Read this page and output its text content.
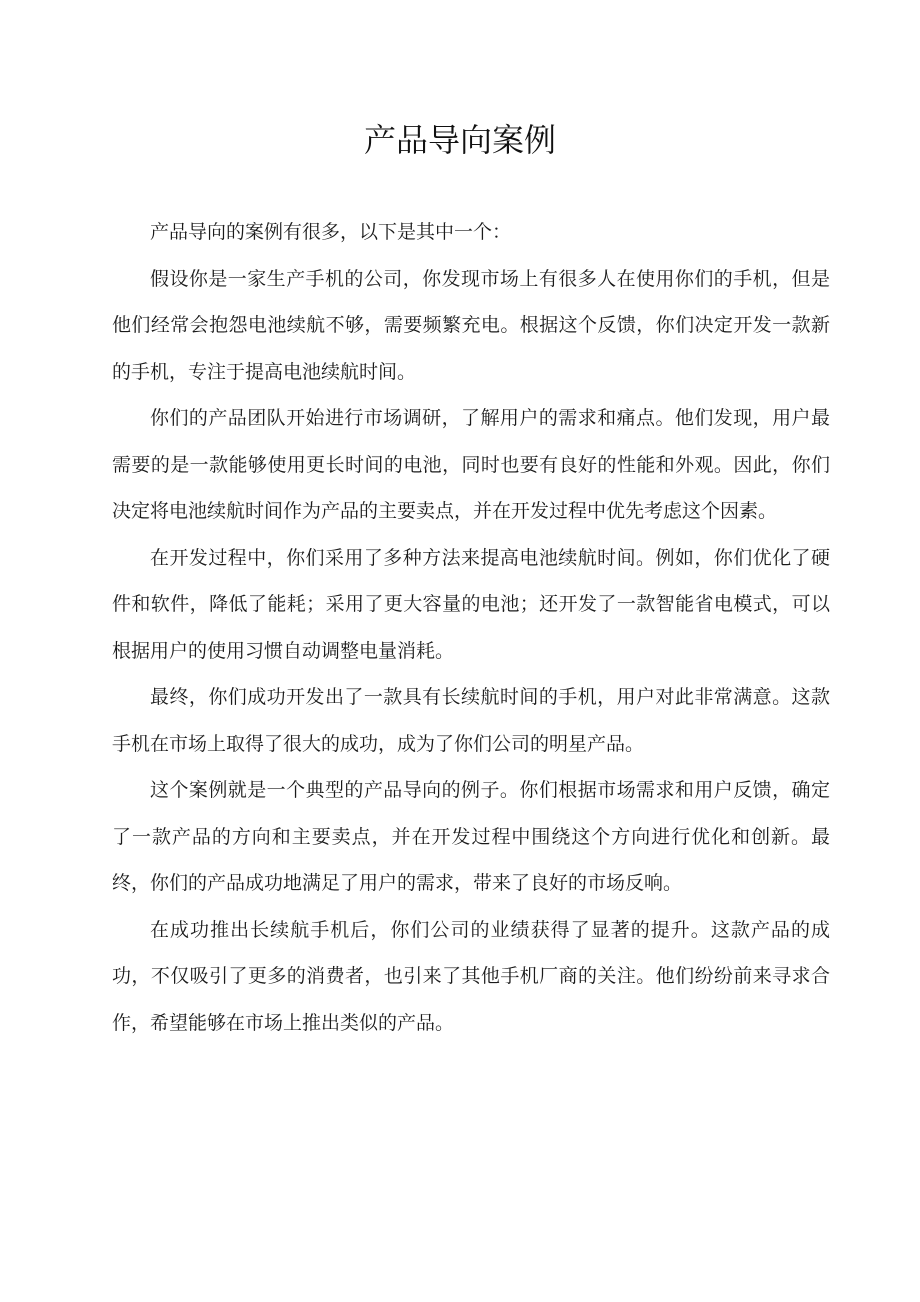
产品导向案例

产品导向的案例有很多，以下是其中一个：

假设你是一家生产手机的公司，你发现市场上有很多人在使用你们的手机，但是他们经常会抱怨电池续航不够，需要频繁充电。根据这个反馈，你们决定开发一款新的手机，专注于提高电池续航时间。

你们的产品团队开始进行市场调研，了解用户的需求和痛点。他们发现，用户最需要的是一款能够使用更长时间的电池，同时也要有良好的性能和外观。因此，你们决定将电池续航时间作为产品的主要卖点，并在开发过程中优先考虑这个因素。

在开发过程中，你们采用了多种方法来提高电池续航时间。例如，你们优化了硬件和软件，降低了能耗；采用了更大容量的电池；还开发了一款智能省电模式，可以根据用户的使用习惯自动调整电量消耗。

最终，你们成功开发出了一款具有长续航时间的手机，用户对此非常满意。这款手机在市场上取得了很大的成功，成为了你们公司的明星产品。

这个案例就是一个典型的产品导向的例子。你们根据市场需求和用户反馈，确定了一款产品的方向和主要卖点，并在开发过程中围绕这个方向进行优化和创新。最终，你们的产品成功地满足了用户的需求，带来了良好的市场反响。

在成功推出长续航手机后，你们公司的业绩获得了显著的提升。这款产品的成功，不仅吸引了更多的消费者，也引来了其他手机厂商的关注。他们纷纷前来寻求合作，希望能够在市场上推出类似的产品。
